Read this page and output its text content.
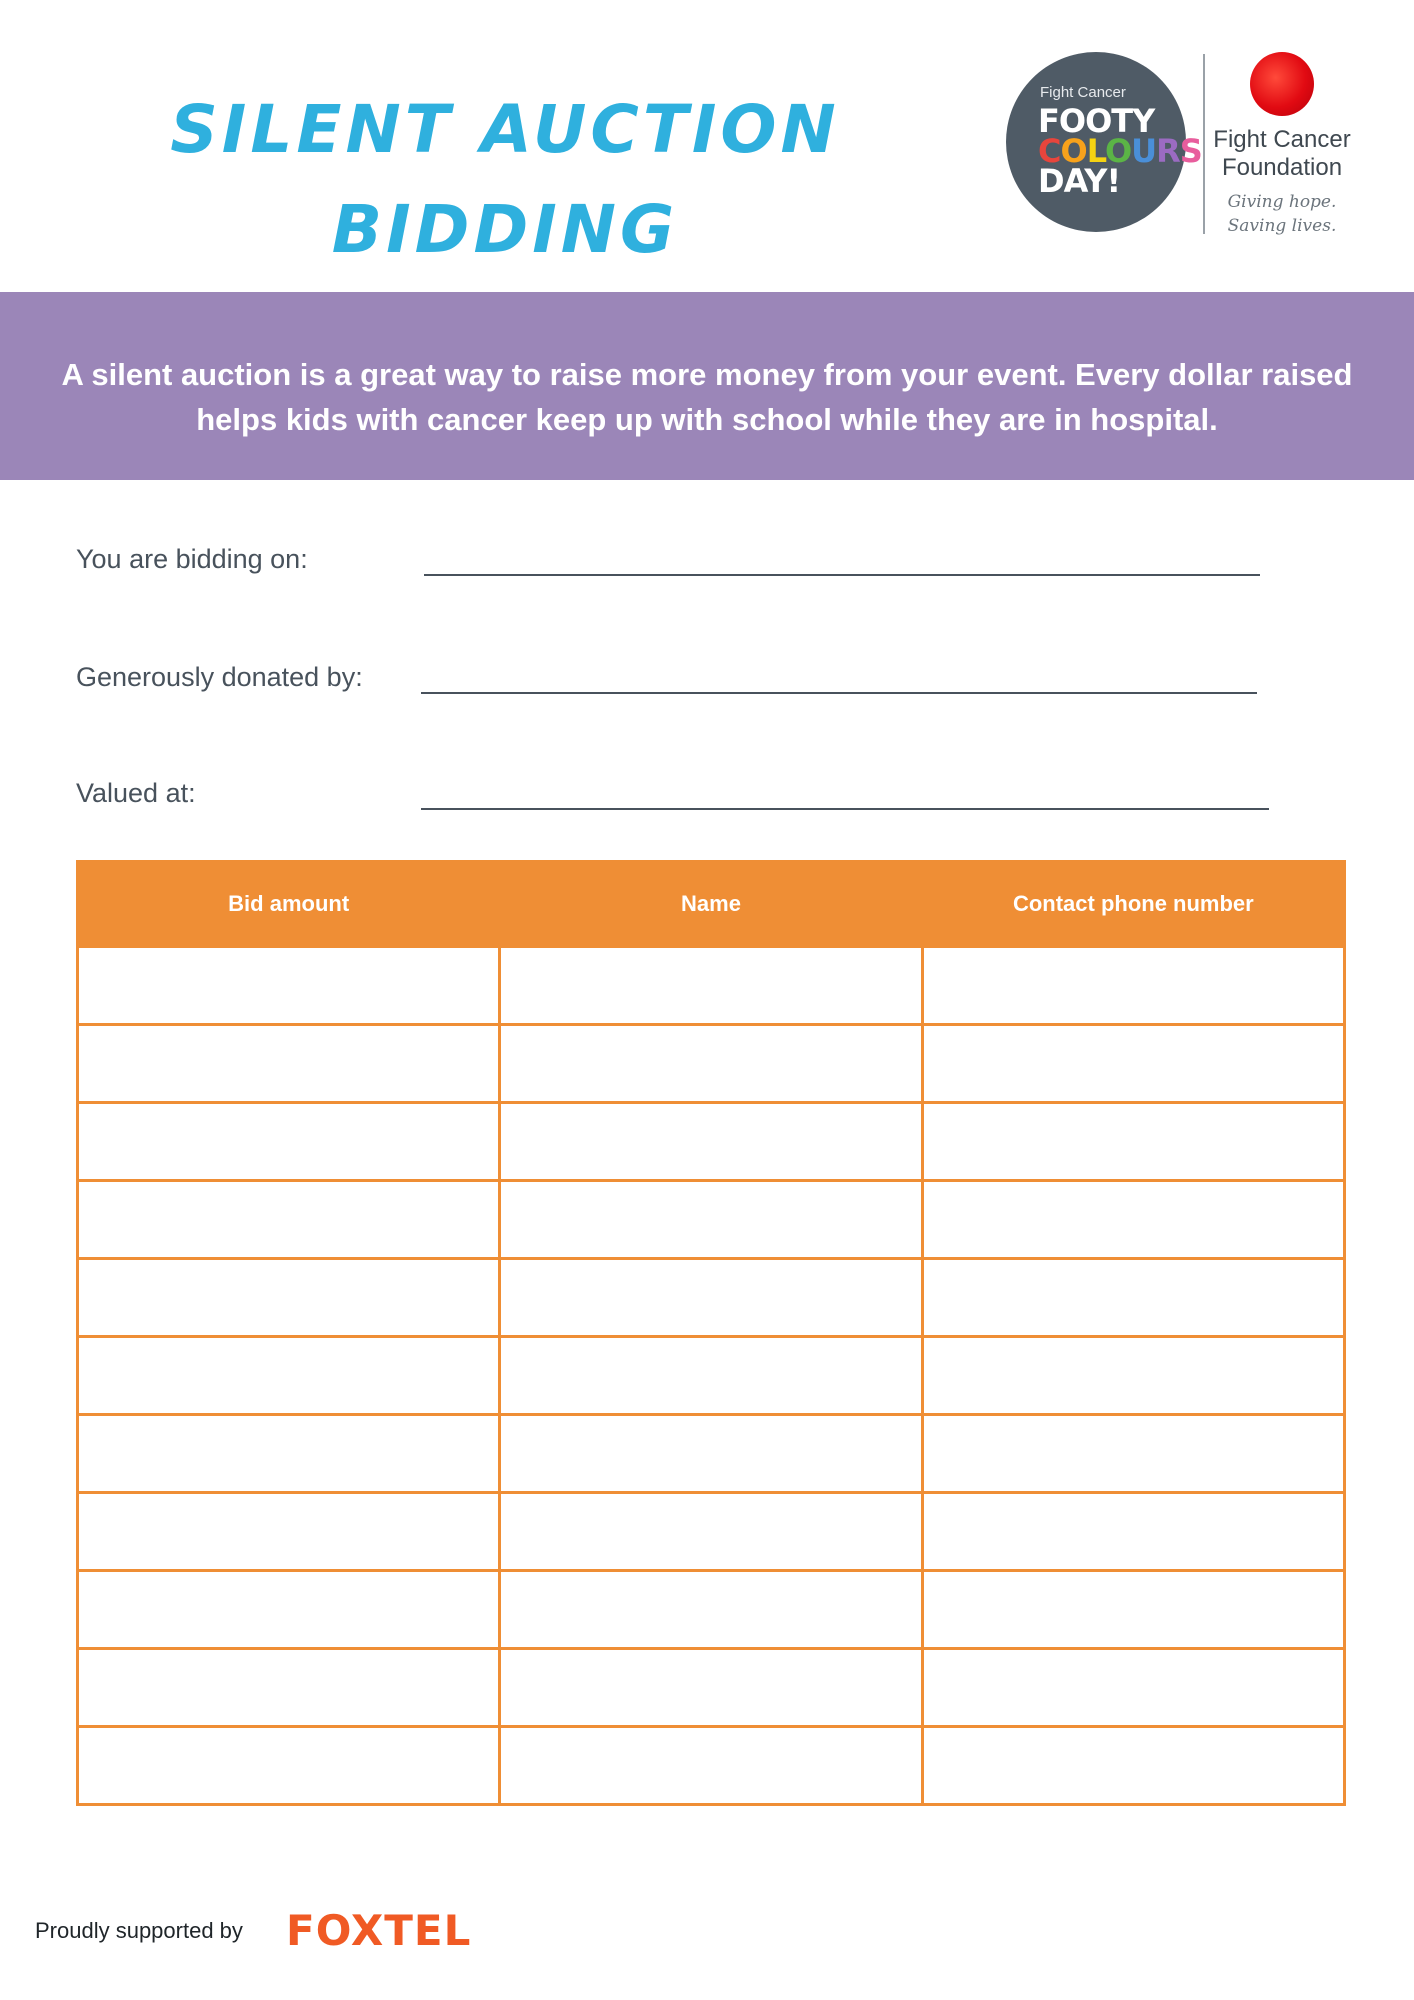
SILENT AUCTION BIDDING

Fight Cancer
FOOTY
COLOURS
DAY!
Fight Cancer
Foundation
Giving hope.
Saving lives.
A silent auction is a great way to raise more money from your event. Every dollar raised
helps kids with cancer keep up with school while they are in hospital.
You are bidding on:
Generously donated by:
Valued at:
Bid amount	Name	Contact phone number

Proudly supported by FOXTEL
